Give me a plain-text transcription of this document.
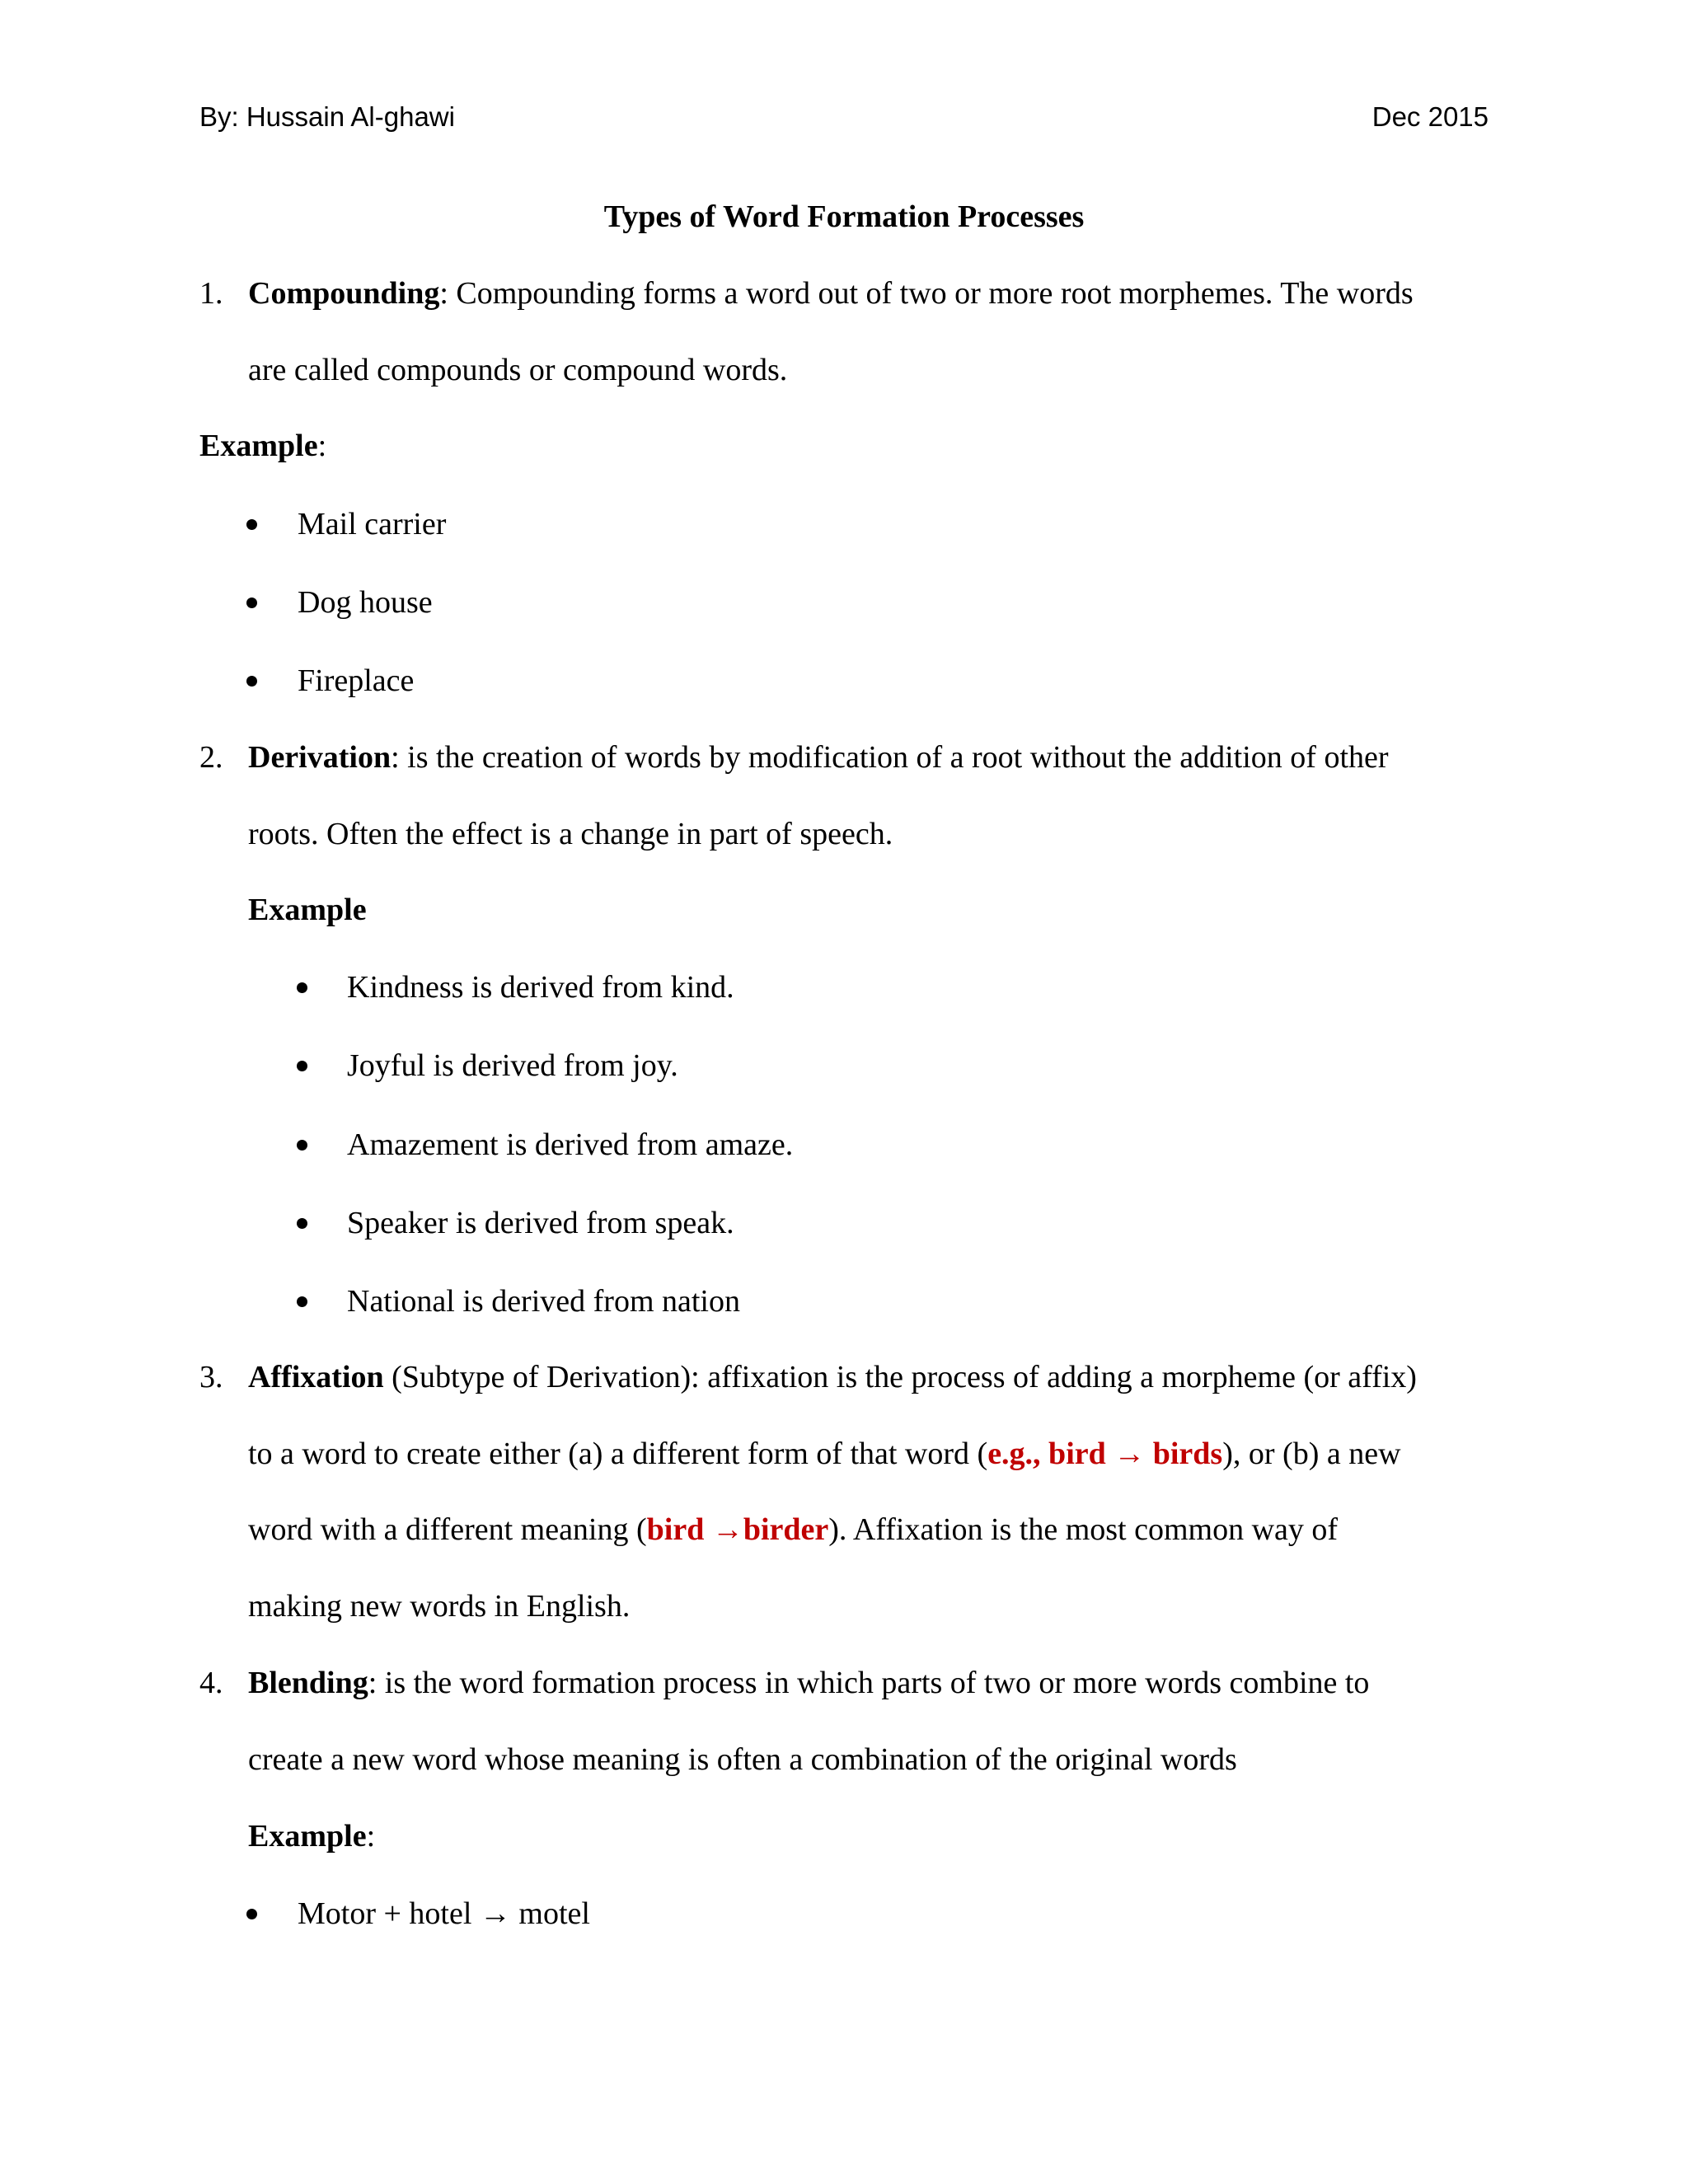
By: Hussain Al-ghawi	Dec 2015
Types of Word Formation Processes
1. Compounding: Compounding forms a word out of two or more root morphemes. The words
are called compounds or compound words.
Example:
Mail carrier
Dog house
Fireplace
2. Derivation: is the creation of words by modification of a root without the addition of other
roots. Often the effect is a change in part of speech.
Example
Kindness is derived from kind.
Joyful is derived from joy.
Amazement is derived from amaze.
Speaker is derived from speak.
National is derived from nation
3. Affixation (Subtype of Derivation): affixation is the process of adding a morpheme (or affix)
to a word to create either (a) a different form of that word (e.g., bird → birds), or (b) a new
word with a different meaning (bird →birder). Affixation is the most common way of
making new words in English.
4. Blending: is the word formation process in which parts of two or more words combine to
create a new word whose meaning is often a combination of the original words
Example:
Motor + hotel → motel
